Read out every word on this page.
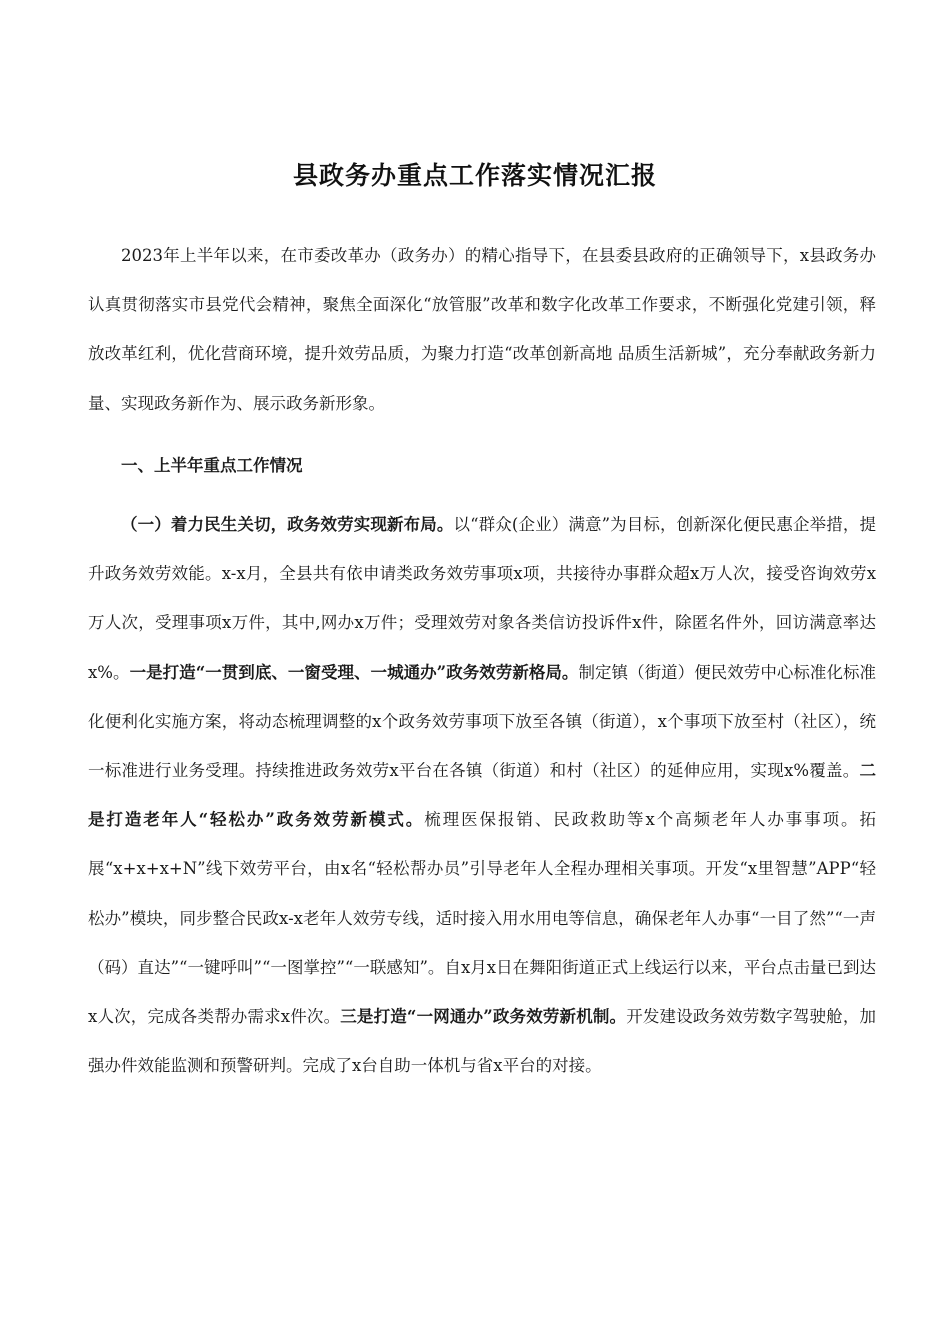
县政务办重点工作落实情况汇报

2023年上半年以来，在市委改革办（政务办）的精心指导下，在县委县政府的正确领导下，x县政务办认真贯彻落实市县党代会精神，聚焦全面深化“放管服”改革和数字化改革工作要求，不断强化党建引领，释放改革红利，优化营商环境，提升效劳品质，为聚力打造“改革创新高地 品质生活新城”，充分奉献政务新力量、实现政务新作为、展示政务新形象。

一、上半年重点工作情况

（一）着力民生关切，政务效劳实现新布局。以“群众(企业）满意”为目标，创新深化便民惠企举措，提升政务效劳效能。x-x月，全县共有依申请类政务效劳事项x项，共接待办事群众超x万人次，接受咨询效劳x万人次，受理事项x万件，其中,网办x万件；受理效劳对象各类信访投诉件x件，除匿名件外，回访满意率达x%。一是打造“一贯到底、一窗受理、一城通办”政务效劳新格局。制定镇（街道）便民效劳中心标准化标准化便利化实施方案，将动态梳理调整的x个政务效劳事项下放至各镇（街道），x个事项下放至村（社区），统一标准进行业务受理。持续推进政务效劳x平台在各镇（街道）和村（社区）的延伸应用，实现x%覆盖。二是打造老年人“轻松办”政务效劳新模式。梳理医保报销、民政救助等x个高频老年人办事事项。拓展“x+x+x+N”线下效劳平台，由x名“轻松帮办员”引导老年人全程办理相关事项。开发“x里智慧”APP“轻松办”模块，同步整合民政x-x老年人效劳专线，适时接入用水用电等信息，确保老年人办事“一目了然”“一声（码）直达”“一键呼叫”“一图掌控”“一联感知”。自x月x日在舞阳街道正式上线运行以来，平台点击量已到达x人次，完成各类帮办需求x件次。三是打造“一网通办”政务效劳新机制。开发建设政务效劳数字驾驶舱，加强办件效能监测和预警研判。完成了x台自助一体机与省x平台的对接。
